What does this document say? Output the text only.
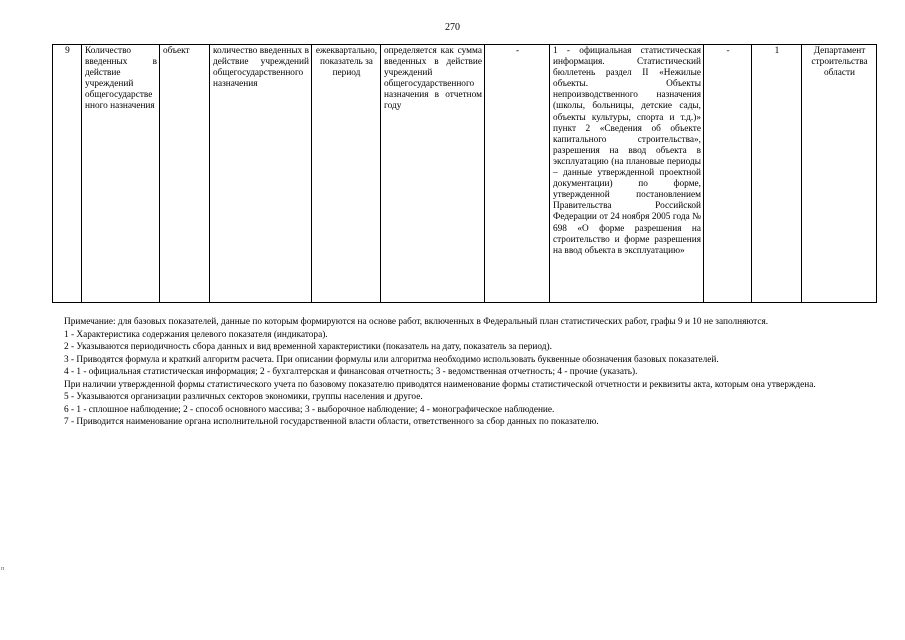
270
9	Количество введенных в действие учреждений общегосударственного назначения	объект	количество введенных в действие учреждений общегосударственного назначения	ежеквартально, показатель за период	определяется как сумма введенных в действие учреждений общегосударственного назначения в отчетном году	-	1 - официальная статистическая информация. Статистический бюллетень раздел II «Нежилые объекты. Объекты непроизводственного назначения (школы, больницы, детские сады, объекты культуры, спорта и т.д.)» пункт 2 «Сведения об объекте капитального строительства», разрешения на ввод объекта в эксплуатацию (на плановые периоды – данные утвержденной проектной документации) по форме, утвержденной постановлением Правительства Российской Федерации от 24 ноября 2005 года № 698 «О форме разрешения на строительство и форме разрешения на ввод объекта в эксплуатацию»	-	1	Департамент строительства области

Примечание: для базовых показателей, данные по которым формируются на основе работ, включенных в Федеральный план статистических работ, графы 9 и 10 не заполняются.

1 - Характеристика содержания целевого показателя (индикатора).

2 - Указываются периодичность сбора данных и вид временной характеристики (показатель на дату, показатель за период).

3 - Приводятся формула и краткий алгоритм расчета. При описании формулы или алгоритма необходимо использовать буквенные обозначения базовых показателей.

4 - 1 - официальная статистическая информация; 2 - бухгалтерская и финансовая отчетность; 3 - ведомственная отчетность; 4 - прочие (указать).

При наличии утвержденной формы статистического учета по базовому показателю приводятся наименование формы статистической отчетности и реквизиты акта, которым она утверждена.

5 - Указываются организации различных секторов экономики, группы населения и другое.

6 - 1 - сплошное наблюдение; 2 - способ основного массива; 3 - выборочное наблюдение; 4 - монографическое наблюдение.

7 - Приводится наименование органа исполнительной государственной власти области, ответственного за сбор данных по показателю.

п
